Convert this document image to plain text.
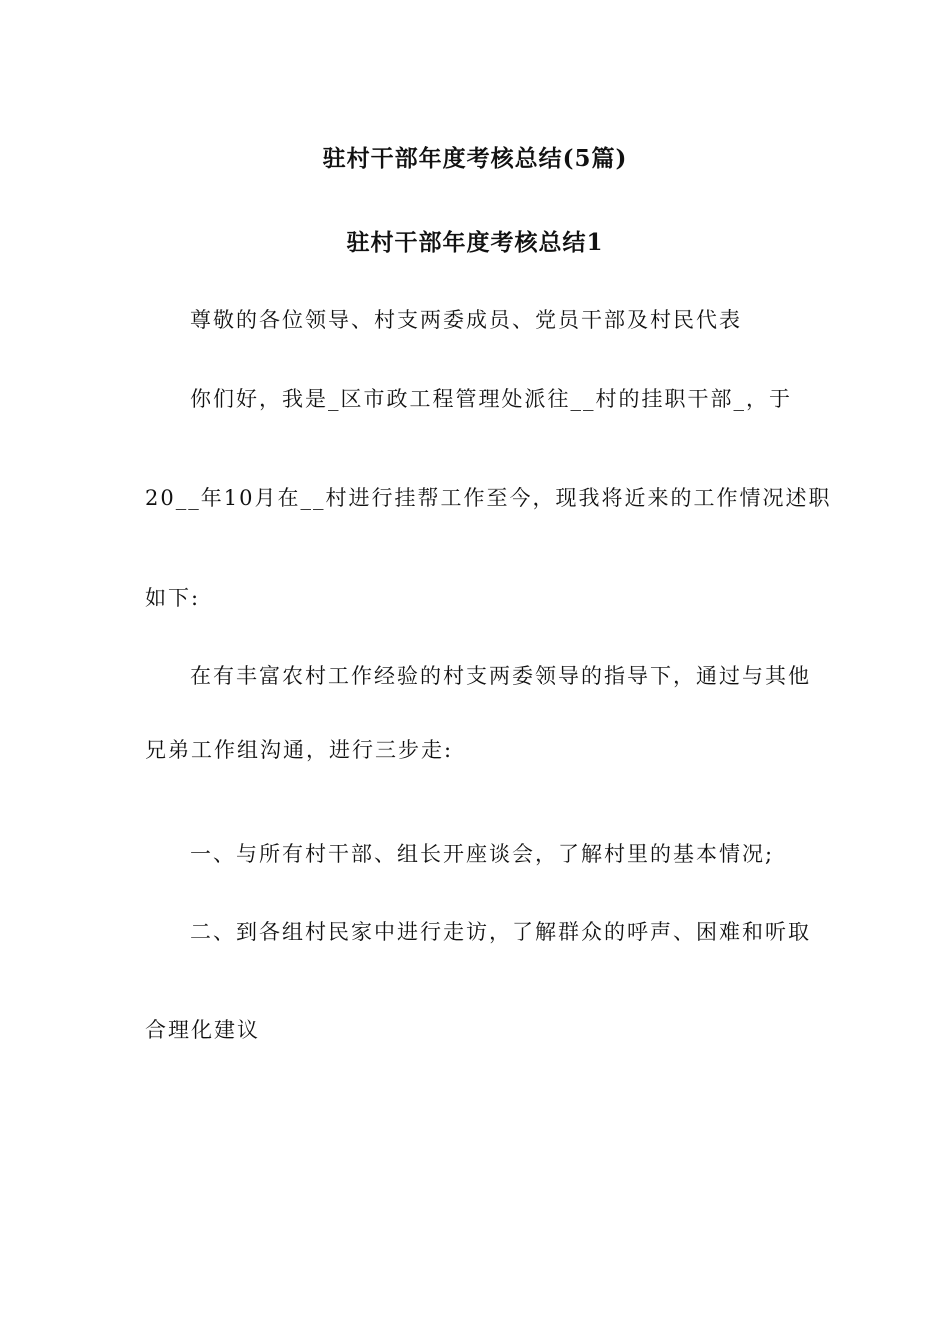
驻村干部年度考核总结(5篇)
驻村干部年度考核总结1
尊敬的各位领导、村支两委成员、党员干部及村民代表
你们好，我是_区市政工程管理处派往__村的挂职干部_，于
20__年10月在__村进行挂帮工作至今，现我将近来的工作情况述职
如下:
在有丰富农村工作经验的村支两委领导的指导下，通过与其他
兄弟工作组沟通，进行三步走:
一、与所有村干部、组长开座谈会，了解村里的基本情况;
二、到各组村民家中进行走访，了解群众的呼声、困难和听取
合理化建议
